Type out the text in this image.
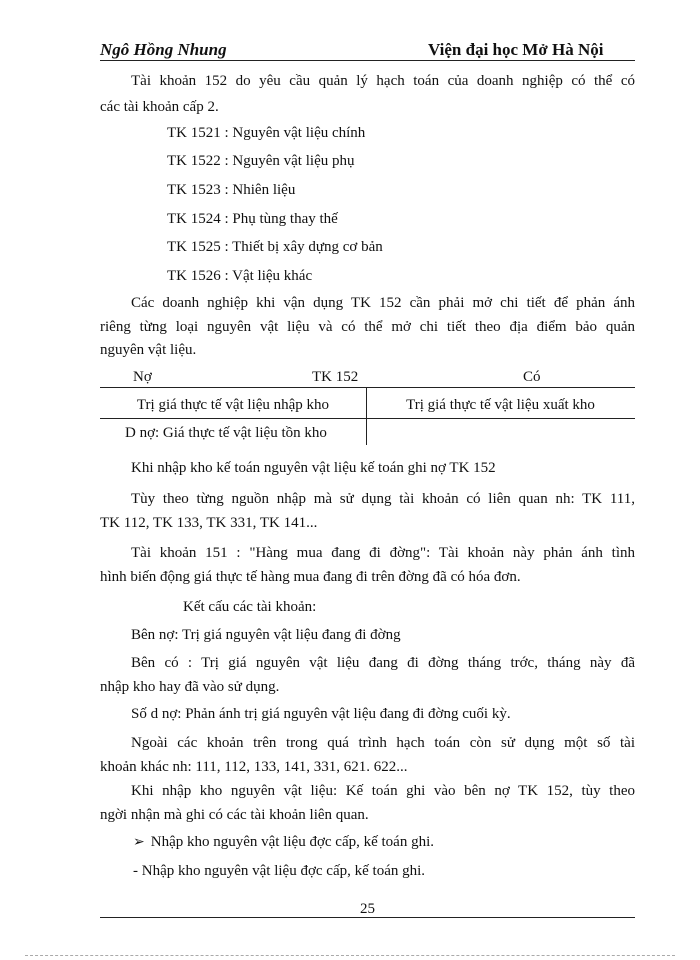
Ngô Hồng Nhung	Viện đại học Mở Hà Nội

Tài khoản 152 do yêu cầu quản lý hạch toán của doanh nghiệp có thể có

các tài khoản cấp 2.

TK 1521 : Nguyên vật liệu chính

TK 1522 : Nguyên vật liệu phụ

TK 1523 : Nhiên liệu

TK 1524 : Phụ tùng thay thế

TK 1525 : Thiết bị xây dựng cơ bản

TK 1526 : Vật liệu khác

Các doanh nghiệp khi vận dụng TK 152 cần phải mở chi tiết để phản ánh

riêng từng loại nguyên vật liệu và có thể mở chi tiết theo địa điểm bảo quản

nguyên vật liệu.

Nợ	TK 152	Có

Trị giá thực tế vật liệu nhập kho	Trị giá thực tế vật liệu xuất kho

D nợ: Giá thực tế vật liệu tồn kho

Khi nhập kho kế toán nguyên vật liệu kế toán ghi nợ TK 152

Tùy theo từng nguồn nhập mà sử dụng tài khoản có liên quan nh: TK 111,

TK 112, TK 133, TK 331, TK 141...

Tài khoản 151 : "Hàng mua đang đi đờng": Tài khoản này phản ánh tình

hình biến động giá thực tế hàng mua đang đi trên đờng đã có hóa đơn.

Kết cấu các tài khoản:

Bên nợ: Trị giá nguyên vật liệu đang đi đờng

Bên có : Trị giá nguyên vật liệu đang đi đờng tháng trớc, tháng này đã

nhập kho hay đã vào sử dụng.

Số d nợ: Phản ánh trị giá nguyên vật liệu đang đi đờng cuối kỳ.

Ngoài các khoản trên trong quá trình hạch toán còn sử dụng một số tài

khoản khác nh: 111, 112, 133, 141, 331, 621. 622...

Khi nhập kho nguyên vật liệu: Kế toán ghi vào bên nợ TK 152, tùy theo

ngời nhận mà ghi có các tài khoản liên quan.

➢ Nhập kho nguyên vật liệu đợc cấp, kế toán ghi.

- Nhập kho nguyên vật liệu đợc cấp, kế toán ghi.

25
